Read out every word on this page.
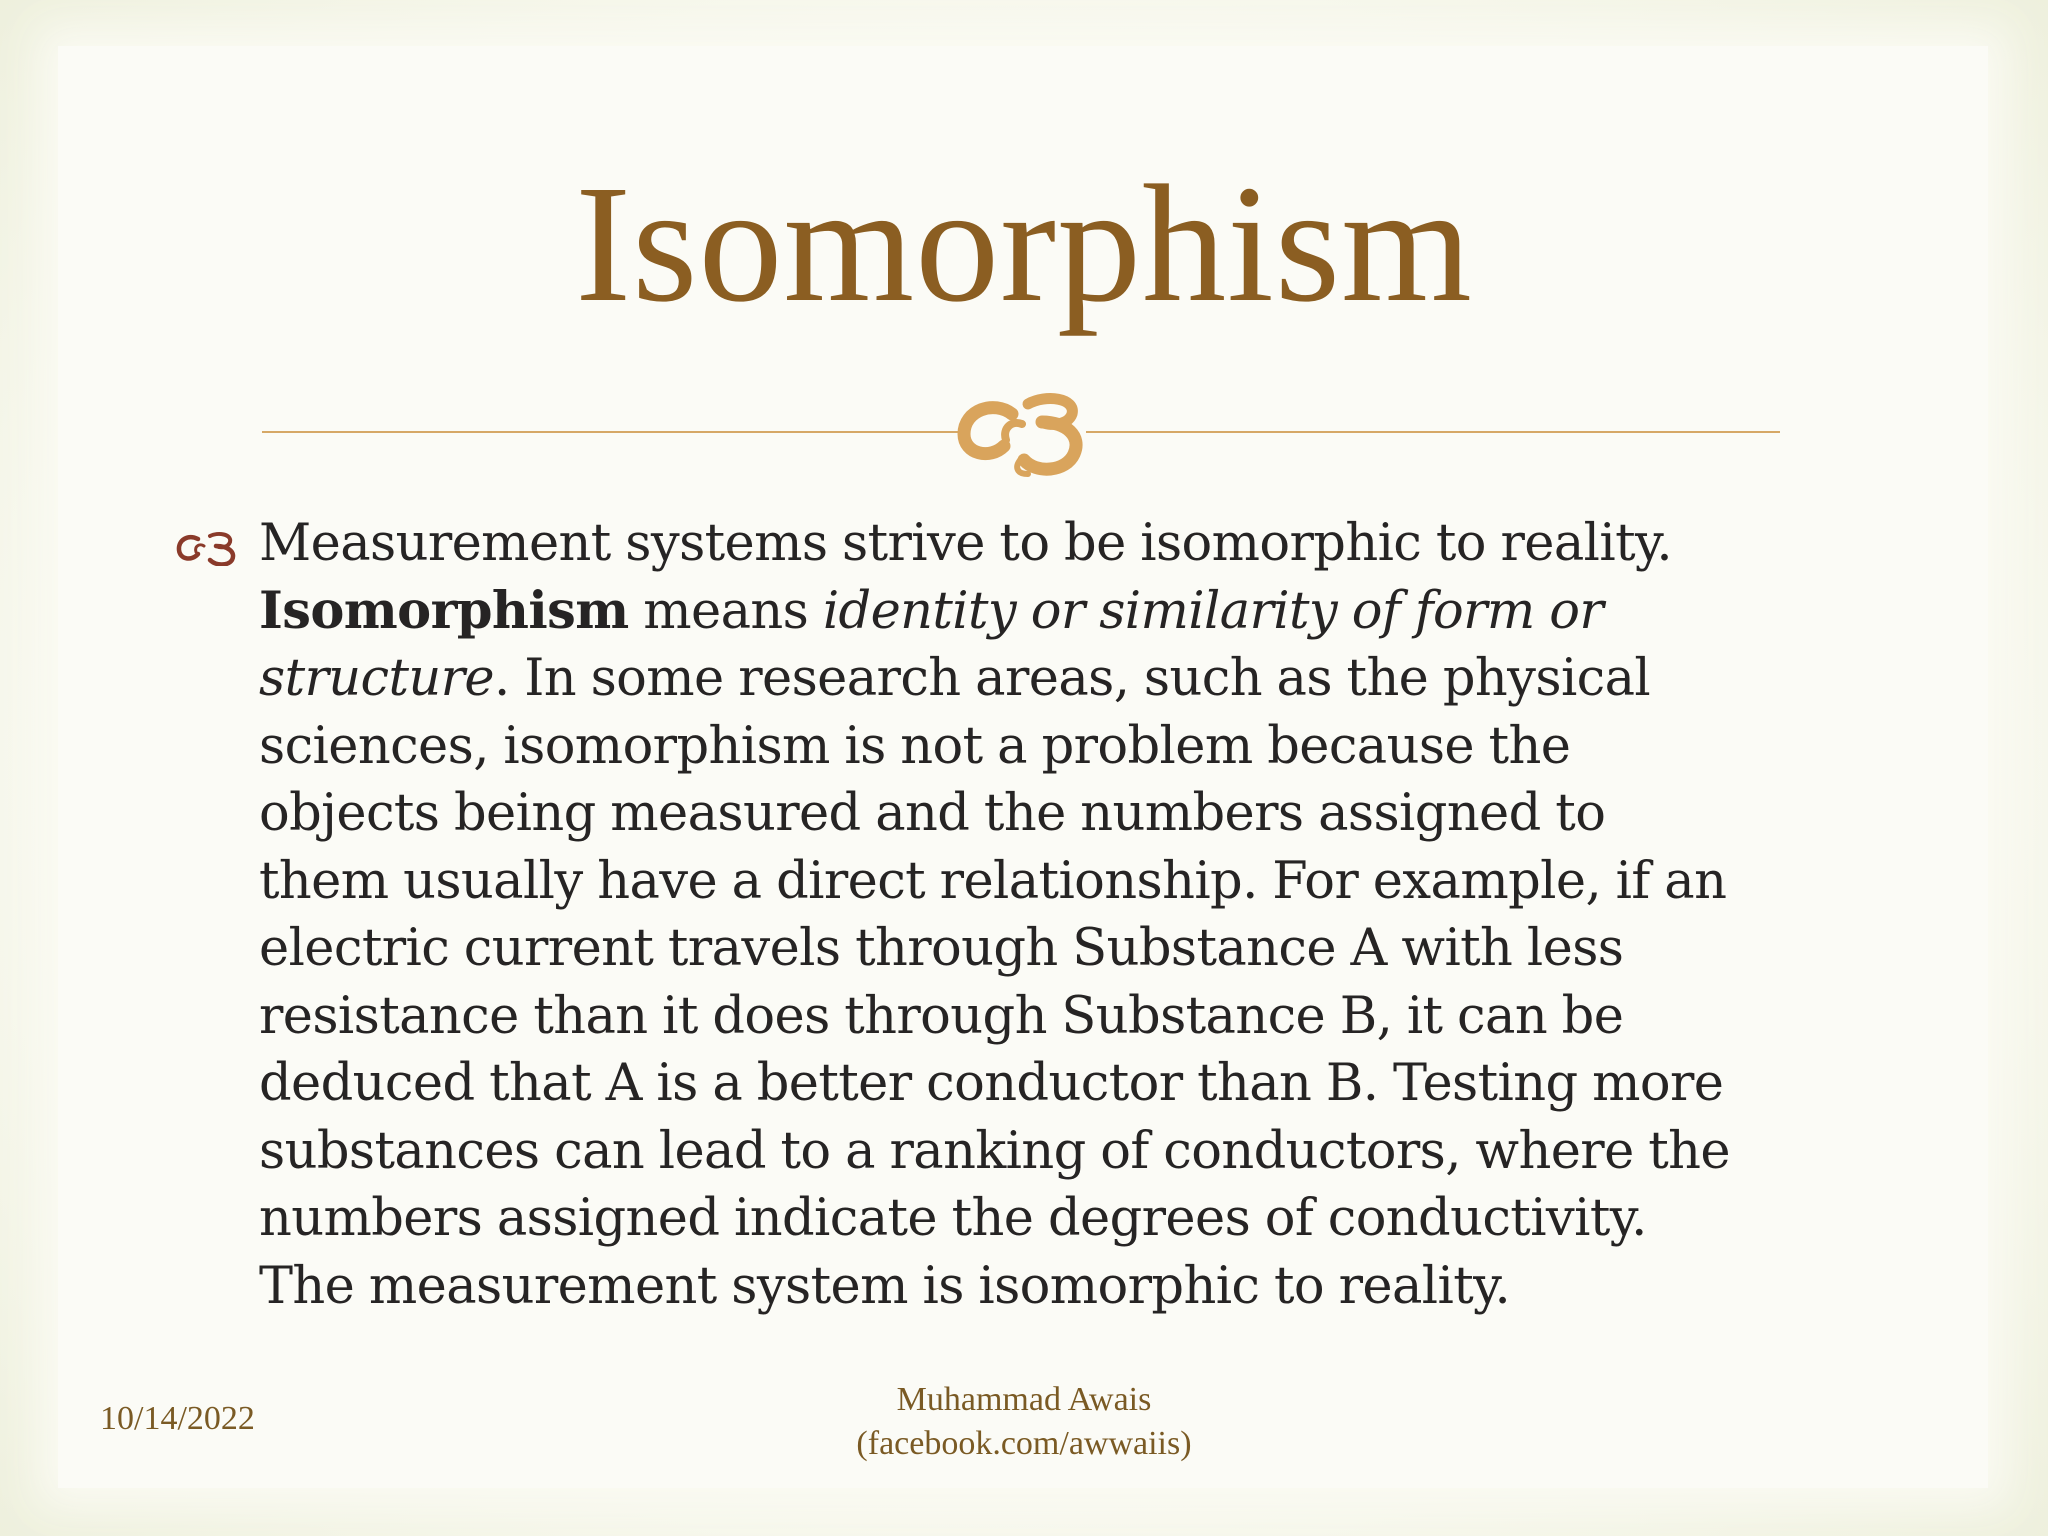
Isomorphism
Measurement systems strive to be isomorphic to reality.
Isomorphism means identity or similarity of form or
structure. In some research areas, such as the physical
sciences, isomorphism is not a problem because the
objects being measured and the numbers assigned to
them usually have a direct relationship. For example, if an
electric current travels through Substance A with less
resistance than it does through Substance B, it can be
deduced that A is a better conductor than B. Testing more
substances can lead to a ranking of conductors, where the
numbers assigned indicate the degrees of conductivity.
The measurement system is isomorphic to reality.
10/14/2022
Muhammad Awais
(facebook.com/awwaiis)
